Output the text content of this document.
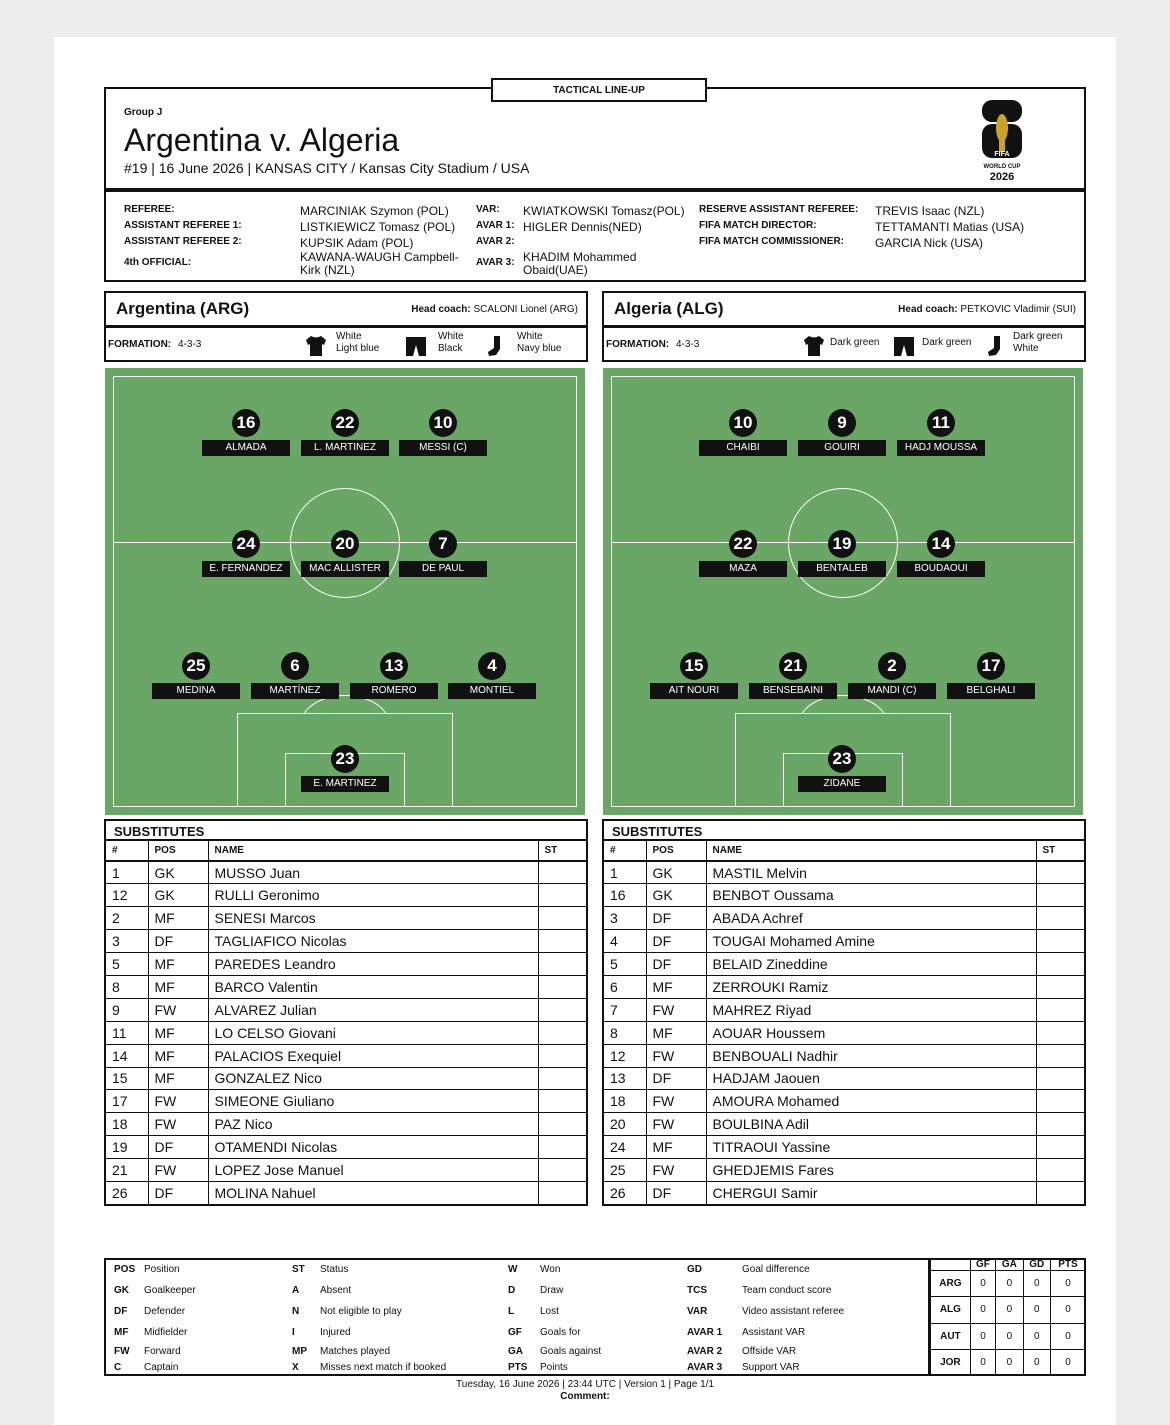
TACTICAL LINE-UP
Group J
Argentina v. Algeria
#19 | 16 June 2026 | KANSAS CITY / Kansas City Stadium / USA
FIFA
WORLD CUP
2026
REFEREE:	MARCINIAK Szymon (POL)
ASSISTANT REFEREE 1:	LISTKIEWICZ Tomasz (POL)
ASSISTANT REFEREE 2:	KUPSIK Adam (POL)
4th OFFICIAL:	KAWANA-WAUGH Campbell-Kirk (NZL)
VAR: KWIATKOWSKI Tomasz(POL)
AVAR 1: HIGLER Dennis(NED)
AVAR 2:
AVAR 3: KHADIM Mohammed Obaid(UAE)
RESERVE ASSISTANT REFEREE: TREVIS Isaac (NZL)
FIFA MATCH DIRECTOR:	TETTAMANTI Matias (USA)
FIFA MATCH COMMISSIONER:	GARCIA Nick (USA)
Argentina (ARG)	Head coach: SCALONI Lionel (ARG) Algeria (ALG)	Head coach: PETKOVIC Vladimir (SUI)
FORMATION: 4-3-3
White
Light blue
White
Black
White
Navy blue	FORMATION: 4-3-3	Dark green	Dark green
Dark green
White
16
ALMADA
22
L. MARTINEZ
10
MESSI (C)
24
E. FERNANDEZ
20
MAC ALLISTER
7
DE PAUL
25
MEDINA
6
MARTÍNEZ
13
ROMERO
4
MONTIEL
23
E. MARTINEZ
10
CHAIBI
9
GOUIRI
11
HADJ MOUSSA
22
MAZA
19
BENTALEB
14
BOUDAOUI
15
AIT NOURI
21
BENSEBAINI
2
MANDI (C)
17
BELGHALI
23
ZIDANE
SUBSTITUTES
#	POS	NAME	ST
1	GK	MUSSO Juan	
12	GK	RULLI Geronimo	
2	MF	SENESI Marcos	
3	DF	TAGLIAFICO Nicolas	
5	MF	PAREDES Leandro	
8	MF	BARCO Valentin	
9	FW	ALVAREZ Julian	
11	MF	LO CELSO Giovani	
14	MF	PALACIOS Exequiel	
15	MF	GONZALEZ Nico	
17	FW	SIMEONE Giuliano	
18	FW	PAZ Nico	
19	DF	OTAMENDI Nicolas	
21	FW	LOPEZ Jose Manuel	
26	DF	MOLINA Nahuel	
SUBSTITUTES
#	POS	NAME	ST
1	GK	MASTIL Melvin	
16	GK	BENBOT Oussama	
3	DF	ABADA Achref	
4	DF	TOUGAI Mohamed Amine	
5	DF	BELAID Zineddine	
6	MF	ZERROUKI Ramiz	
7	FW	MAHREZ Riyad	
8	MF	AOUAR Houssem	
12	FW	BENBOUALI Nadhir	
13	DF	HADJAM Jaouen	
18	FW	AMOURA Mohamed	
20	FW	BOULBINA Adil	
24	MF	TITRAOUI Yassine	
25	FW	GHEDJEMIS Fares	
26	DF	CHERGUI Samir	
POS Position
GK Goalkeeper
DF Defender
MF Midfielder
FW Forward
C Captain
ST Status
A Absent
N Not eligible to play
I	Injured
MP Matches played
X Misses next match if booked
W Won
D Draw
L	Lost
GF Goals for
GA Goals against
PTS Points
GD	Goal difference
TCS	Team conduct score
VAR	Video assistant referee
AVAR 1 Assistant VAR
AVAR 2 Offside VAR
AVAR 3 Support VAR
	GF	GA	GD	PTS
ARG	0	0	0	0
ALG	0	0	0	0
AUT	0	0	0	0
JOR	0	0	0	0
Tuesday, 16 June 2026 | 23:44 UTC | Version 1 | Page 1/1
Comment:
